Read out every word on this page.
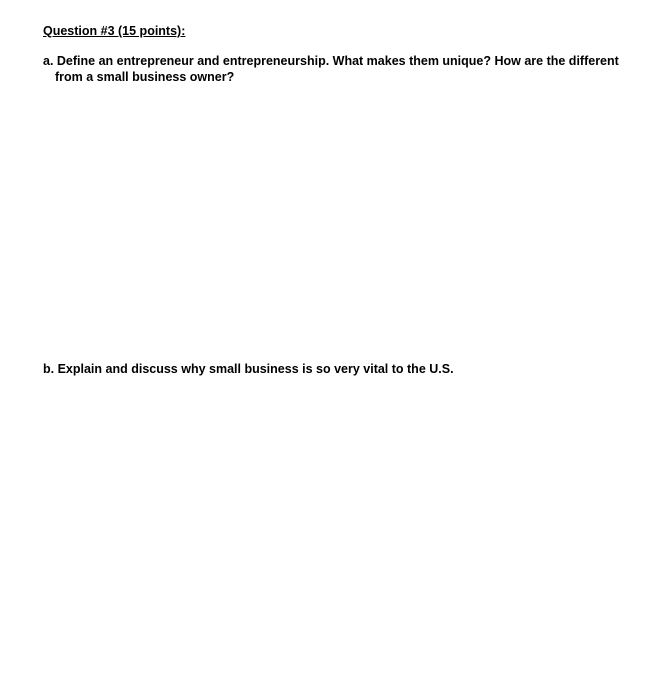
Question #3 (15 points):
a. Define an entrepreneur and entrepreneurship. What makes them unique? How are the different
from a small business owner?
b. Explain and discuss why small business is so very vital to the U.S.
